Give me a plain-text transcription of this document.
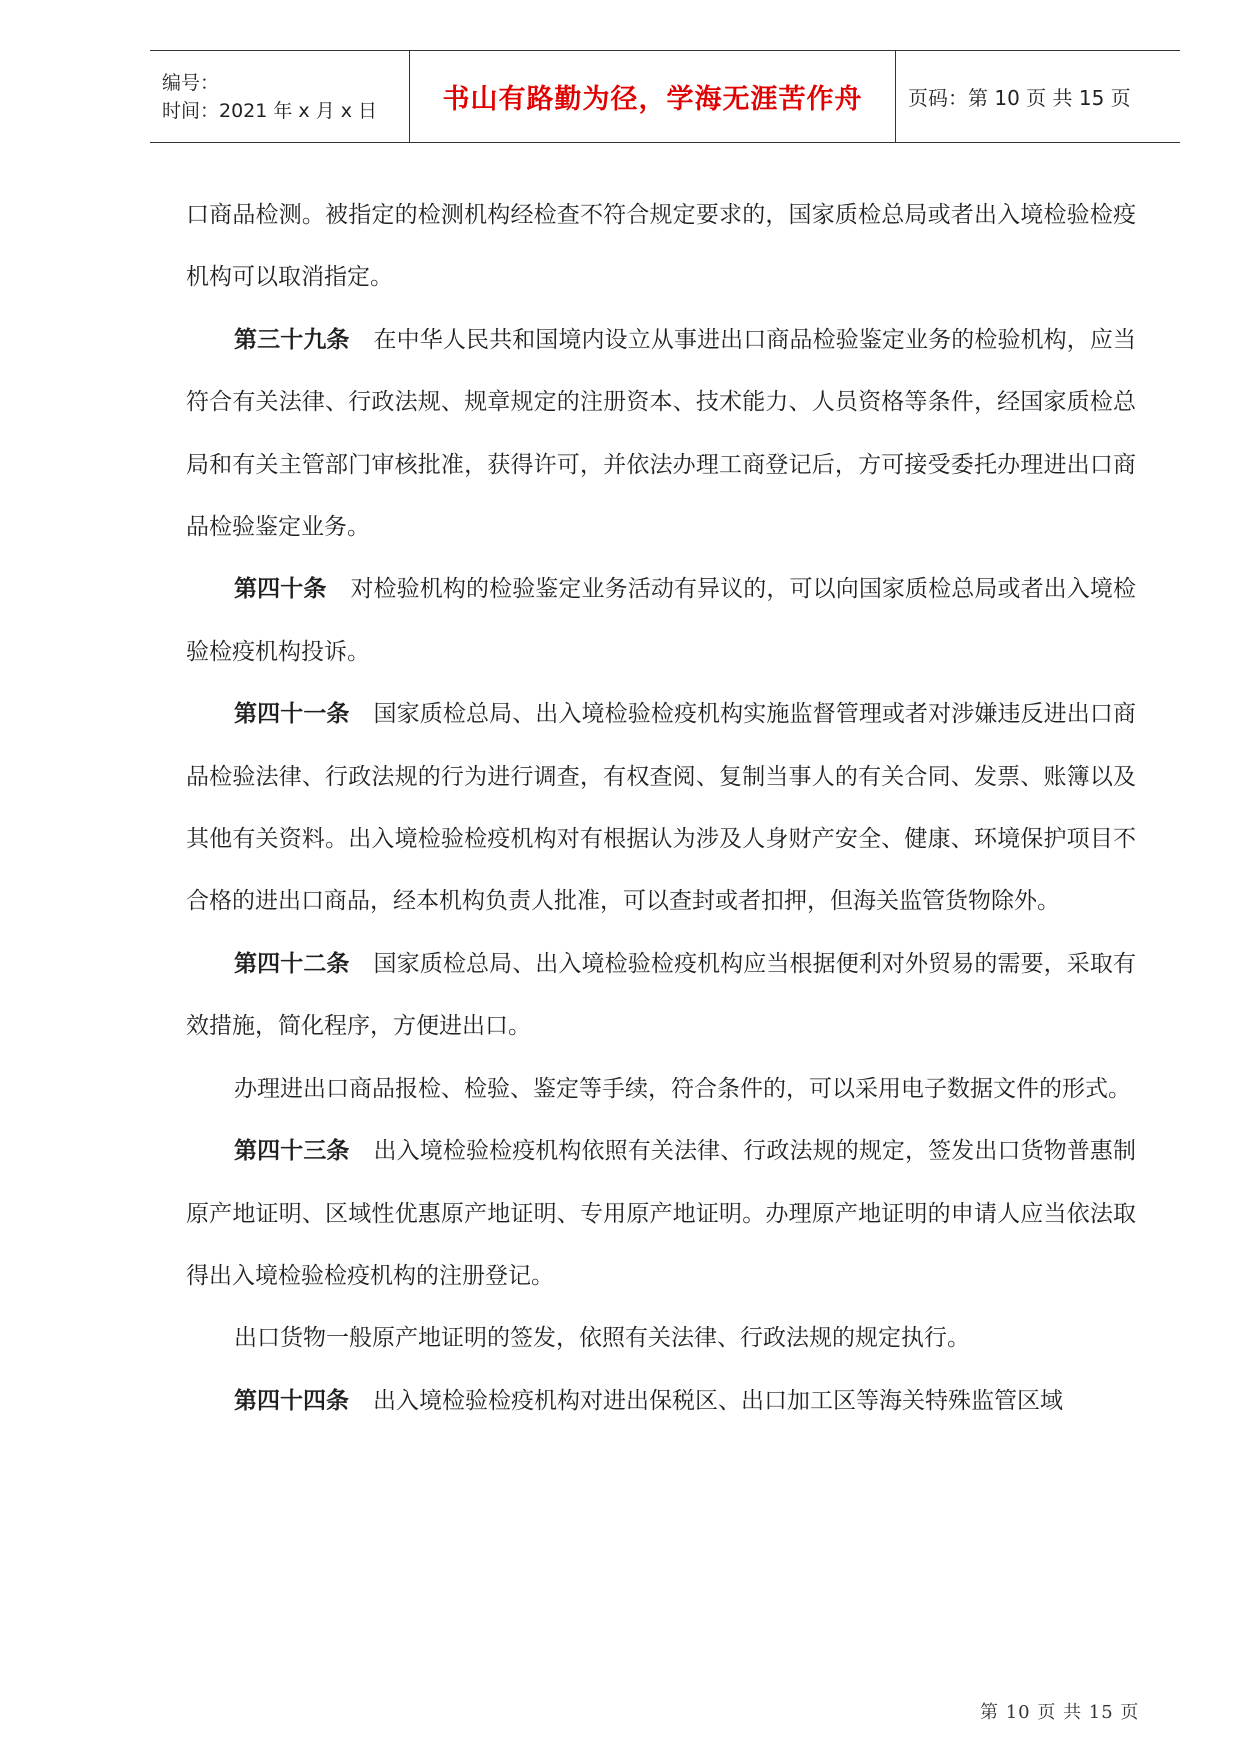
编号：
时间：2021 年 x 月 x 日	书山有路勤为径，学海无涯苦作舟 页码：第 10 页 共 15 页

口商品检测。被指定的检测机构经检查不符合规定要求的，国家质检总局或者出入境检验检疫机构可以取消指定。

第三十九条 在中华人民共和国境内设立从事进出口商品检验鉴定业务的检验机构，应当符合有关法律、行政法规、规章规定的注册资本、技术能力、人员资格等条件，经国家质检总局和有关主管部门审核批准，获得许可，并依法办理工商登记后，方可接受委托办理进出口商品检验鉴定业务。

第四十条 对检验机构的检验鉴定业务活动有异议的，可以向国家质检总局或者出入境检验检疫机构投诉。

第四十一条 国家质检总局、出入境检验检疫机构实施监督管理或者对涉嫌违反进出口商品检验法律、行政法规的行为进行调查，有权查阅、复制当事人的有关合同、发票、账簿以及其他有关资料。出入境检验检疫机构对有根据认为涉及人身财产安全、健康、环境保护项目不合格的进出口商品，经本机构负责人批准，可以查封或者扣押，但海关监管货物除外。

第四十二条 国家质检总局、出入境检验检疫机构应当根据便利对外贸易的需要，采取有效措施，简化程序，方便进出口。

办理进出口商品报检、检验、鉴定等手续，符合条件的，可以采用电子数据文件的形式。

第四十三条 出入境检验检疫机构依照有关法律、行政法规的规定，签发出口货物普惠制原产地证明、区域性优惠原产地证明、专用原产地证明。办理原产地证明的申请人应当依法取得出入境检验检疫机构的注册登记。

出口货物一般原产地证明的签发，依照有关法律、行政法规的规定执行。

第四十四条 出入境检验检疫机构对进出保税区、出口加工区等海关特殊监管区域

第 10 页 共 15 页
